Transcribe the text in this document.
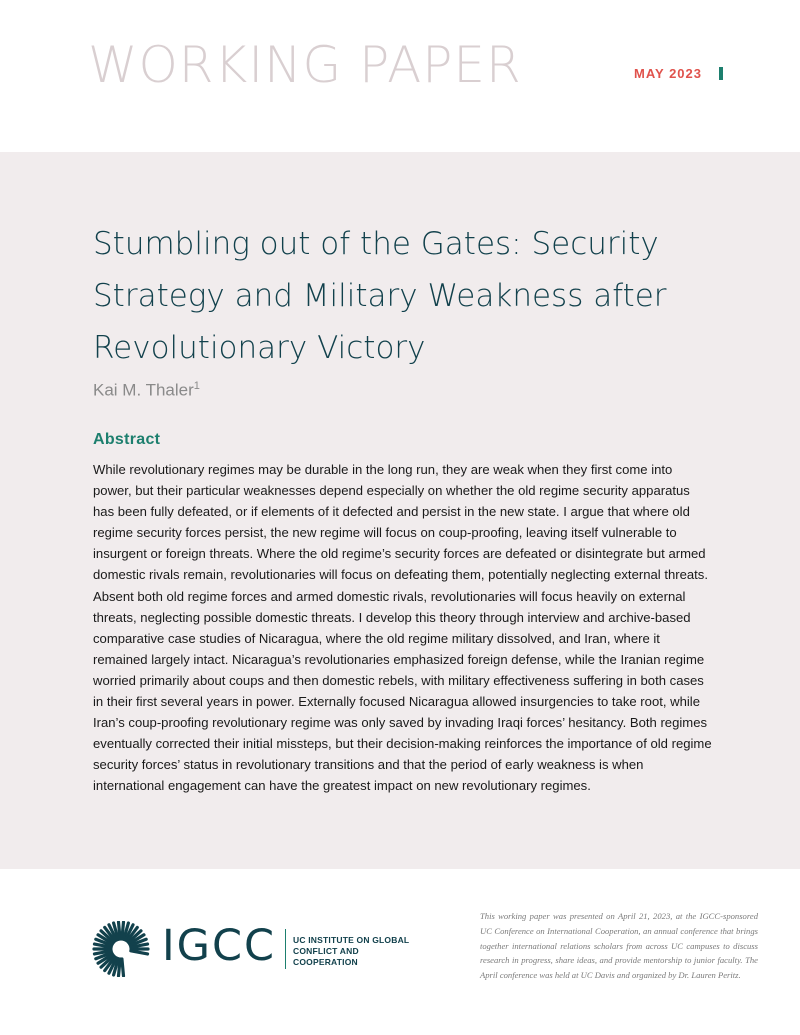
WORKING PAPER	MAY 2023
Stumbling out of the Gates: Security Strategy and Military Weakness after Revolutionary Victory
Kai M. Thaler$^1$
Abstract

While revolutionary regimes may be durable in the long run, they are weak when they first come into power, but their particular weaknesses depend especially on whether the old regime security apparatus has been fully defeated, or if elements of it defected and persist in the new state. I argue that where old regime security forces persist, the new regime will focus on coup-proofing, leaving itself vulnerable to insurgent or foreign threats. Where the old regime’s security forces are defeated or disintegrate but armed domestic rivals remain, revolutionaries will focus on defeating them, potentially neglecting external threats. Absent both old regime forces and armed domestic rivals, revolutionaries will focus heavily on external threats, neglecting possible domestic threats. I develop this theory through interview and archive-based comparative case studies of Nicaragua, where the old regime military dissolved, and Iran, where it remained largely intact. Nicaragua’s revolutionaries emphasized foreign defense, while the Iranian regime worried primarily about coups and then domestic rebels, with military effectiveness suffering in both cases in their first several years in power. Externally focused Nicaragua allowed insurgencies to take root, while Iran’s coup-proofing revolutionary regime was only saved by invading Iraqi forces’ hesitancy. Both regimes eventually corrected their initial missteps, but their decision-making reinforces the importance of old regime security forces’ status in revolutionary transitions and that the period of early weakness is when international engagement can have the greatest impact on new revolutionary regimes.

IGCC UC INSTITUTE ON GLOBAL
CONFLICT AND COOPERATION

This working paper was presented on April 21, 2023, at the IGCC-sponsored UC Conference on International Cooperation, an annual conference that brings together international relations scholars from across UC campuses to discuss research in progress, share ideas, and provide mentorship to junior faculty. The April conference was held at UC Davis and organized by Dr. Lauren Peritz.
